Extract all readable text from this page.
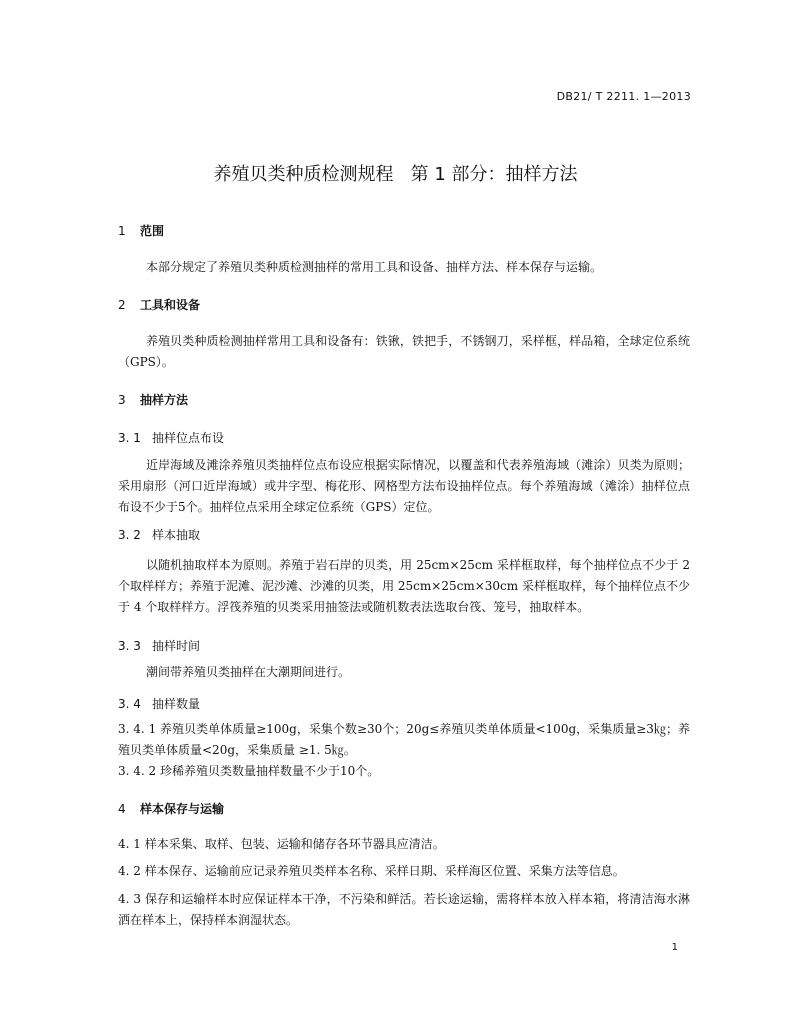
DB21/ T 2211. 1—2013
养殖贝类种质检测规程   第 1 部分：抽样方法
1 范围
本部分规定了养殖贝类种质检测抽样的常用工具和设备、抽样方法、样本保存与运输。
2 工具和设备
养殖贝类种质检测抽样常用工具和设备有：铁锹，铁把手，不锈钢刀，采样框，样品箱，全球定位系统（GPS）。
3 抽样方法
3. 1 抽样位点布设
近岸海域及滩涂养殖贝类抽样位点布设应根据实际情况，以覆盖和代表养殖海域（滩涂）贝类为原则；采用扇形（河口近岸海域）或井字型、梅花形、网格型方法布设抽样位点。每个养殖海域（滩涂）抽样位点布设不少于5个。抽样位点采用全球定位系统（GPS）定位。
3. 2 样本抽取
以随机抽取样本为原则。养殖于岩石岸的贝类，用 25cm×25cm 采样框取样，每个抽样位点不少于 2 个取样样方；养殖于泥滩、泥沙滩、沙滩的贝类，用 25cm×25cm×30cm 采样框取样，每个抽样位点不少于 4 个取样样方。浮筏养殖的贝类采用抽签法或随机数表法选取台筏、笼号，抽取样本。
3. 3 抽样时间
潮间带养殖贝类抽样在大潮期间进行。
3. 4 抽样数量
3. 4. 1 养殖贝类单体质量≥100g，采集个数≥30个；20g≤养殖贝类单体质量<100g，采集质量≥3㎏；养殖贝类单体质量<20g，采集质量 ≥1. 5㎏。
3. 4. 2 珍稀养殖贝类数量抽样数量不少于10个。
4 样本保存与运输
4. 1 样本采集、取样、包装、运输和储存各环节器具应清洁。
4. 2 样本保存、运输前应记录养殖贝类样本名称、采样日期、采样海区位置、采集方法等信息。
4. 3 保存和运输样本时应保证样本干净，不污染和鲜活。若长途运输，需将样本放入样本箱，将清洁海水淋洒在样本上，保持样本润湿状态。
1
